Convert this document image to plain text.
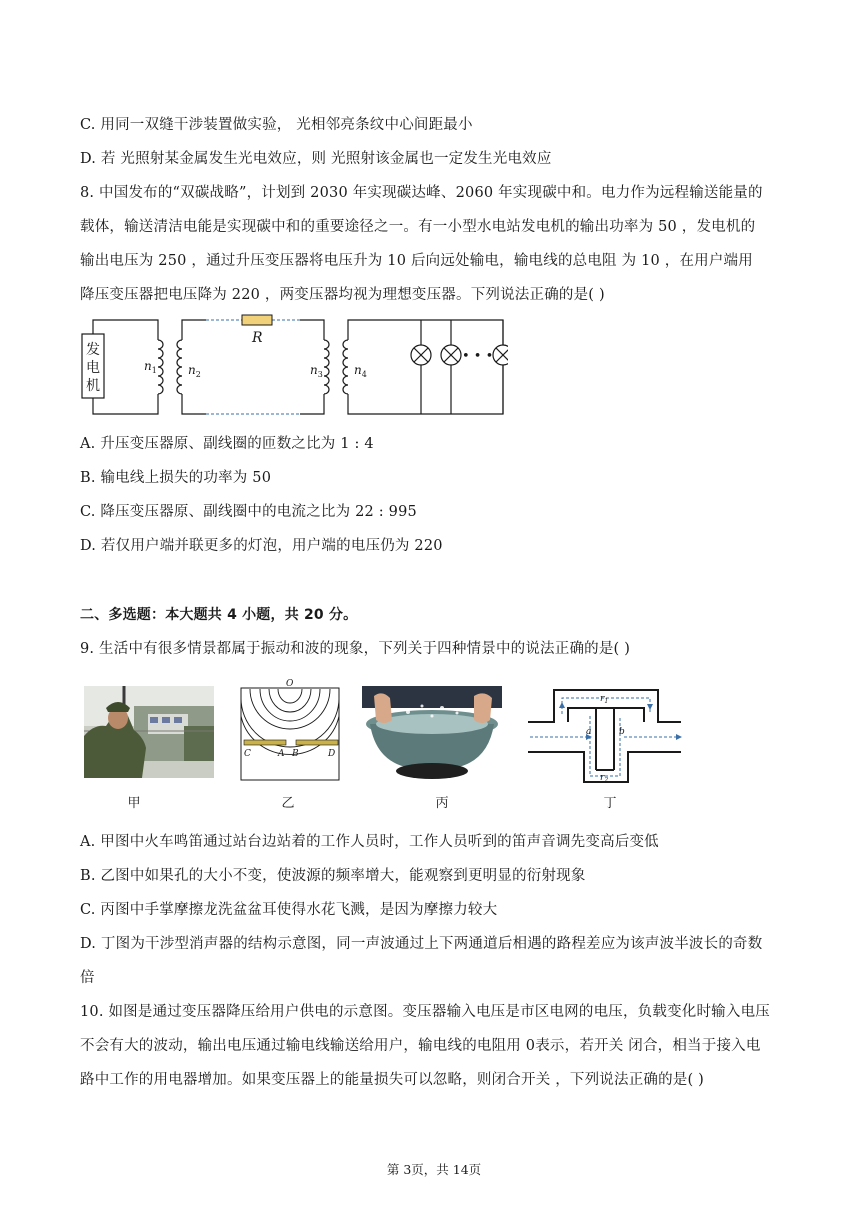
C. 用同一双缝干涉装置做实验， 光相邻亮条纹中心间距最小
D. 若 光照射某金属发生光电效应，则 光照射该金属也一定发生光电效应
8. 中国发布的“双碳战略”，计划到 2030 年实现碳达峰、2060 年实现碳中和。电力作为远程输送能量的
载体，输送清洁电能是实现碳中和的重要途径之一。有一小型水电站发电机的输出功率为 50 ，发电机的
输出电压为 250 ，通过升压变压器将电压升为 10 后向远处输电，输电线的总电阻 为 10 ，在用户端用
降压变压器把电压降为 220 ，两变压器均视为理想变压器。下列说法正确的是( )
发
电
机
R
• • •
$n_1$	$n_2$	$n_3$	$n_4$
A. 升压变压器原、副线圈的匝数之比为 1 : 4
B. 输电线上损失的功率为 50
C. 降压变压器原、副线圈中的电流之比为 22 : 995
D. 若仅用户端并联更多的灯泡，用户端的电压仍为 220
二、多选题：本大题共 4 小题，共 20 分。
9. 生活中有很多情景都属于振动和波的现象，下列关于四种情景中的说法正确的是( )
甲
O
C	A B	D
乙	丙
$r_1$
$r_2$
a	b
丁
A. 甲图中火车鸣笛通过站台边站着的工作人员时，工作人员听到的笛声音调先变高后变低
B. 乙图中如果孔的大小不变，使波源的频率增大，能观察到更明显的衍射现象
C. 丙图中手掌摩擦龙洗盆盆耳使得水花飞溅，是因为摩擦力较大
D. 丁图为干涉型消声器的结构示意图，同一声波通过上下两通道后相遇的路程差应为该声波半波长的奇数
倍
10. 如图是通过变压器降压给用户供电的示意图。变压器输入电压是市区电网的电压，负载变化时输入电压
不会有大的波动，输出电压通过输电线输送给用户，输电线的电阻用 0表示，若开关 闭合，相当于接入电
路中工作的用电器增加。如果变压器上的能量损失可以忽略，则闭合开关 ，下列说法正确的是( )
第 3页，共 14页
